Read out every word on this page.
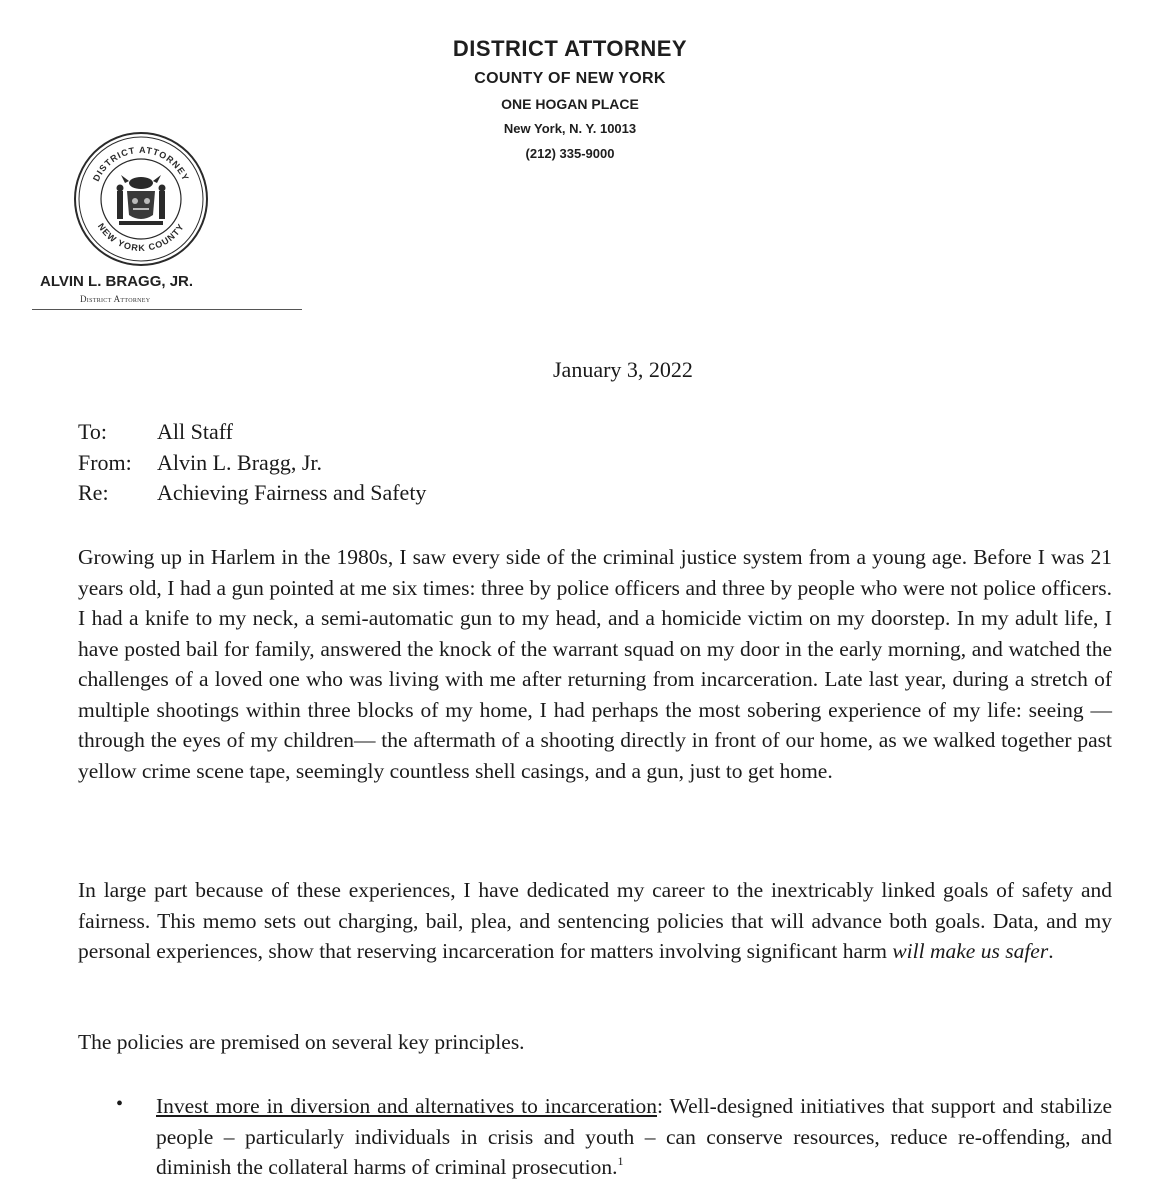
DISTRICT ATTORNEY
COUNTY OF NEW YORK
ONE HOGAN PLACE
New York, N. Y. 10013
(212) 335-9000
DISTRICT ATTORNEY
NEW YORK COUNTY
ALVIN L. BRAGG, JR.
District Attorney
January 3, 2022
To: All Staff
From: Alvin L. Bragg, Jr.
Re: Achieving Fairness and Safety
Growing up in Harlem in the 1980s, I saw every side of the criminal justice system from a young age. Before I was 21 years old, I had a gun pointed at me six times: three by police officers and three by people who were not police officers. I had a knife to my neck, a semi-automatic gun to my head, and a homicide victim on my doorstep. In my adult life, I have posted bail for family, answered the knock of the warrant squad on my door in the early morning, and watched the challenges of a loved one who was living with me after returning from incarceration. Late last year, during a stretch of multiple shootings within three blocks of my home, I had perhaps the most sobering experience of my life: seeing —through the eyes of my children— the aftermath of a shooting directly in front of our home, as we walked together past yellow crime scene tape, seemingly countless shell casings, and a gun, just to get home.
In large part because of these experiences, I have dedicated my career to the inextricably linked goals of safety and fairness. This memo sets out charging, bail, plea, and sentencing policies that will advance both goals. Data, and my personal experiences, show that reserving incarceration for matters involving significant harm will make us safer.
The policies are premised on several key principles.
• Invest more in diversion and alternatives to incarceration: Well-designed initiatives that support and stabilize people – particularly individuals in crisis and youth – can conserve resources, reduce re-offending, and diminish the collateral harms of criminal prosecution.$^1$
